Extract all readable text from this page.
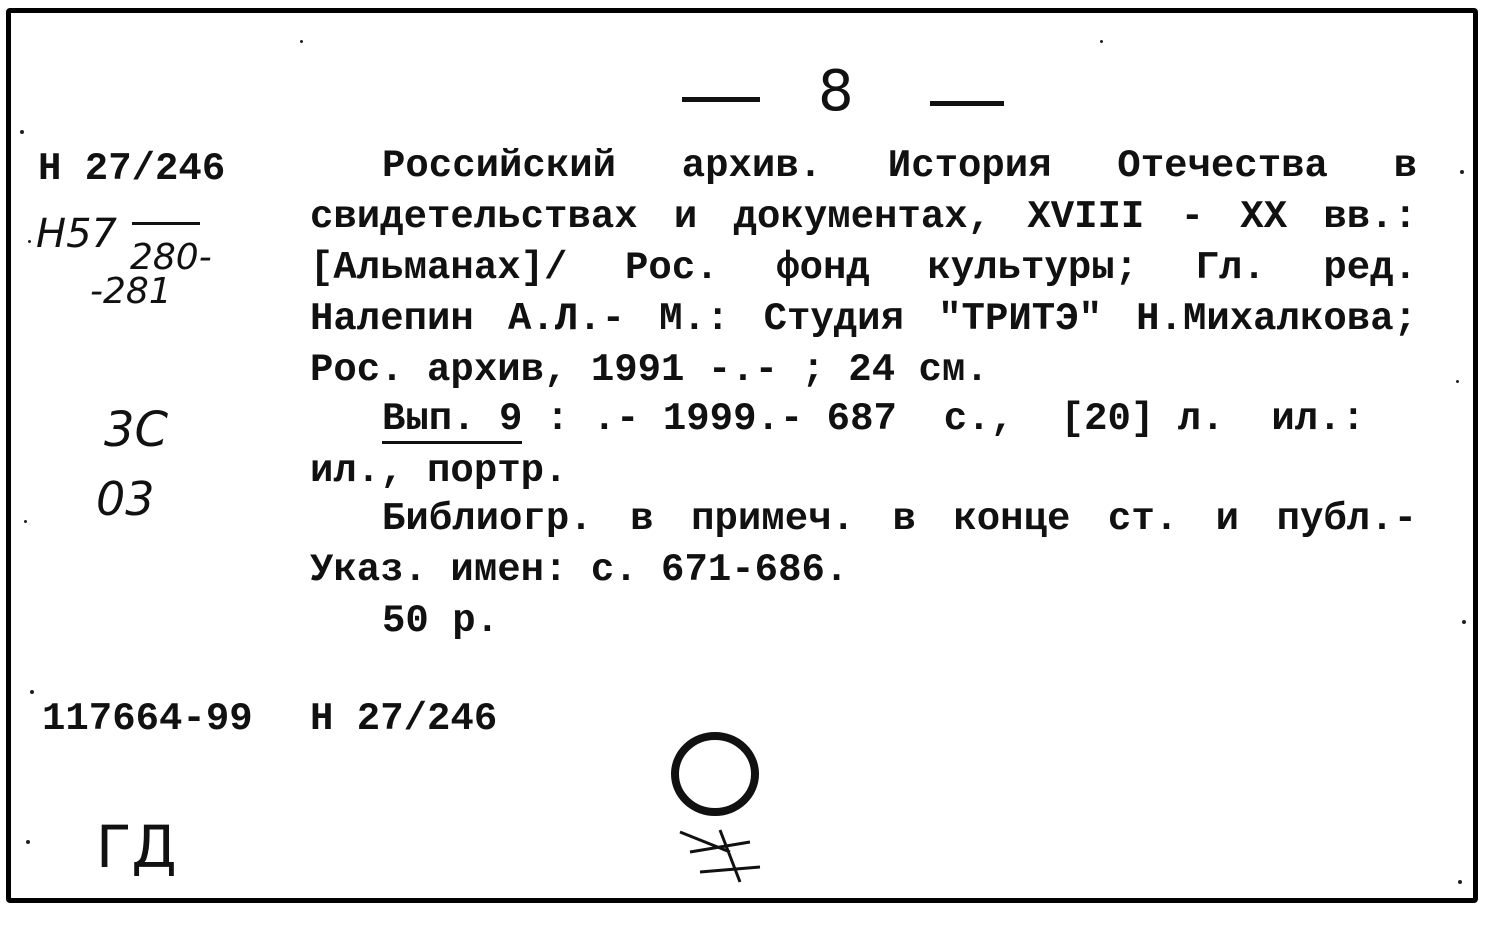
8
Н 27/246
Н57
280-
-281
3С
03
117664-99 Н 27/246
ГД
Российский архив. История Отечества в
свидетельствах и документах, XVIII - XX вв.:
[Альманах]/ Рос. фонд культуры; Гл. ред.
Налепин А.Л.- М.: Студия "ТРИТЭ" Н.Михалкова;
Рос. архив, 1991 -.- ; 24 см.
Вып. 9 : .- 1999.- 687  с.,  [20] л.  ил.:
ил., портр.
Библиогр. в примеч. в конце ст. и публ.-
Указ. имен: с. 671-686.
50 р.
